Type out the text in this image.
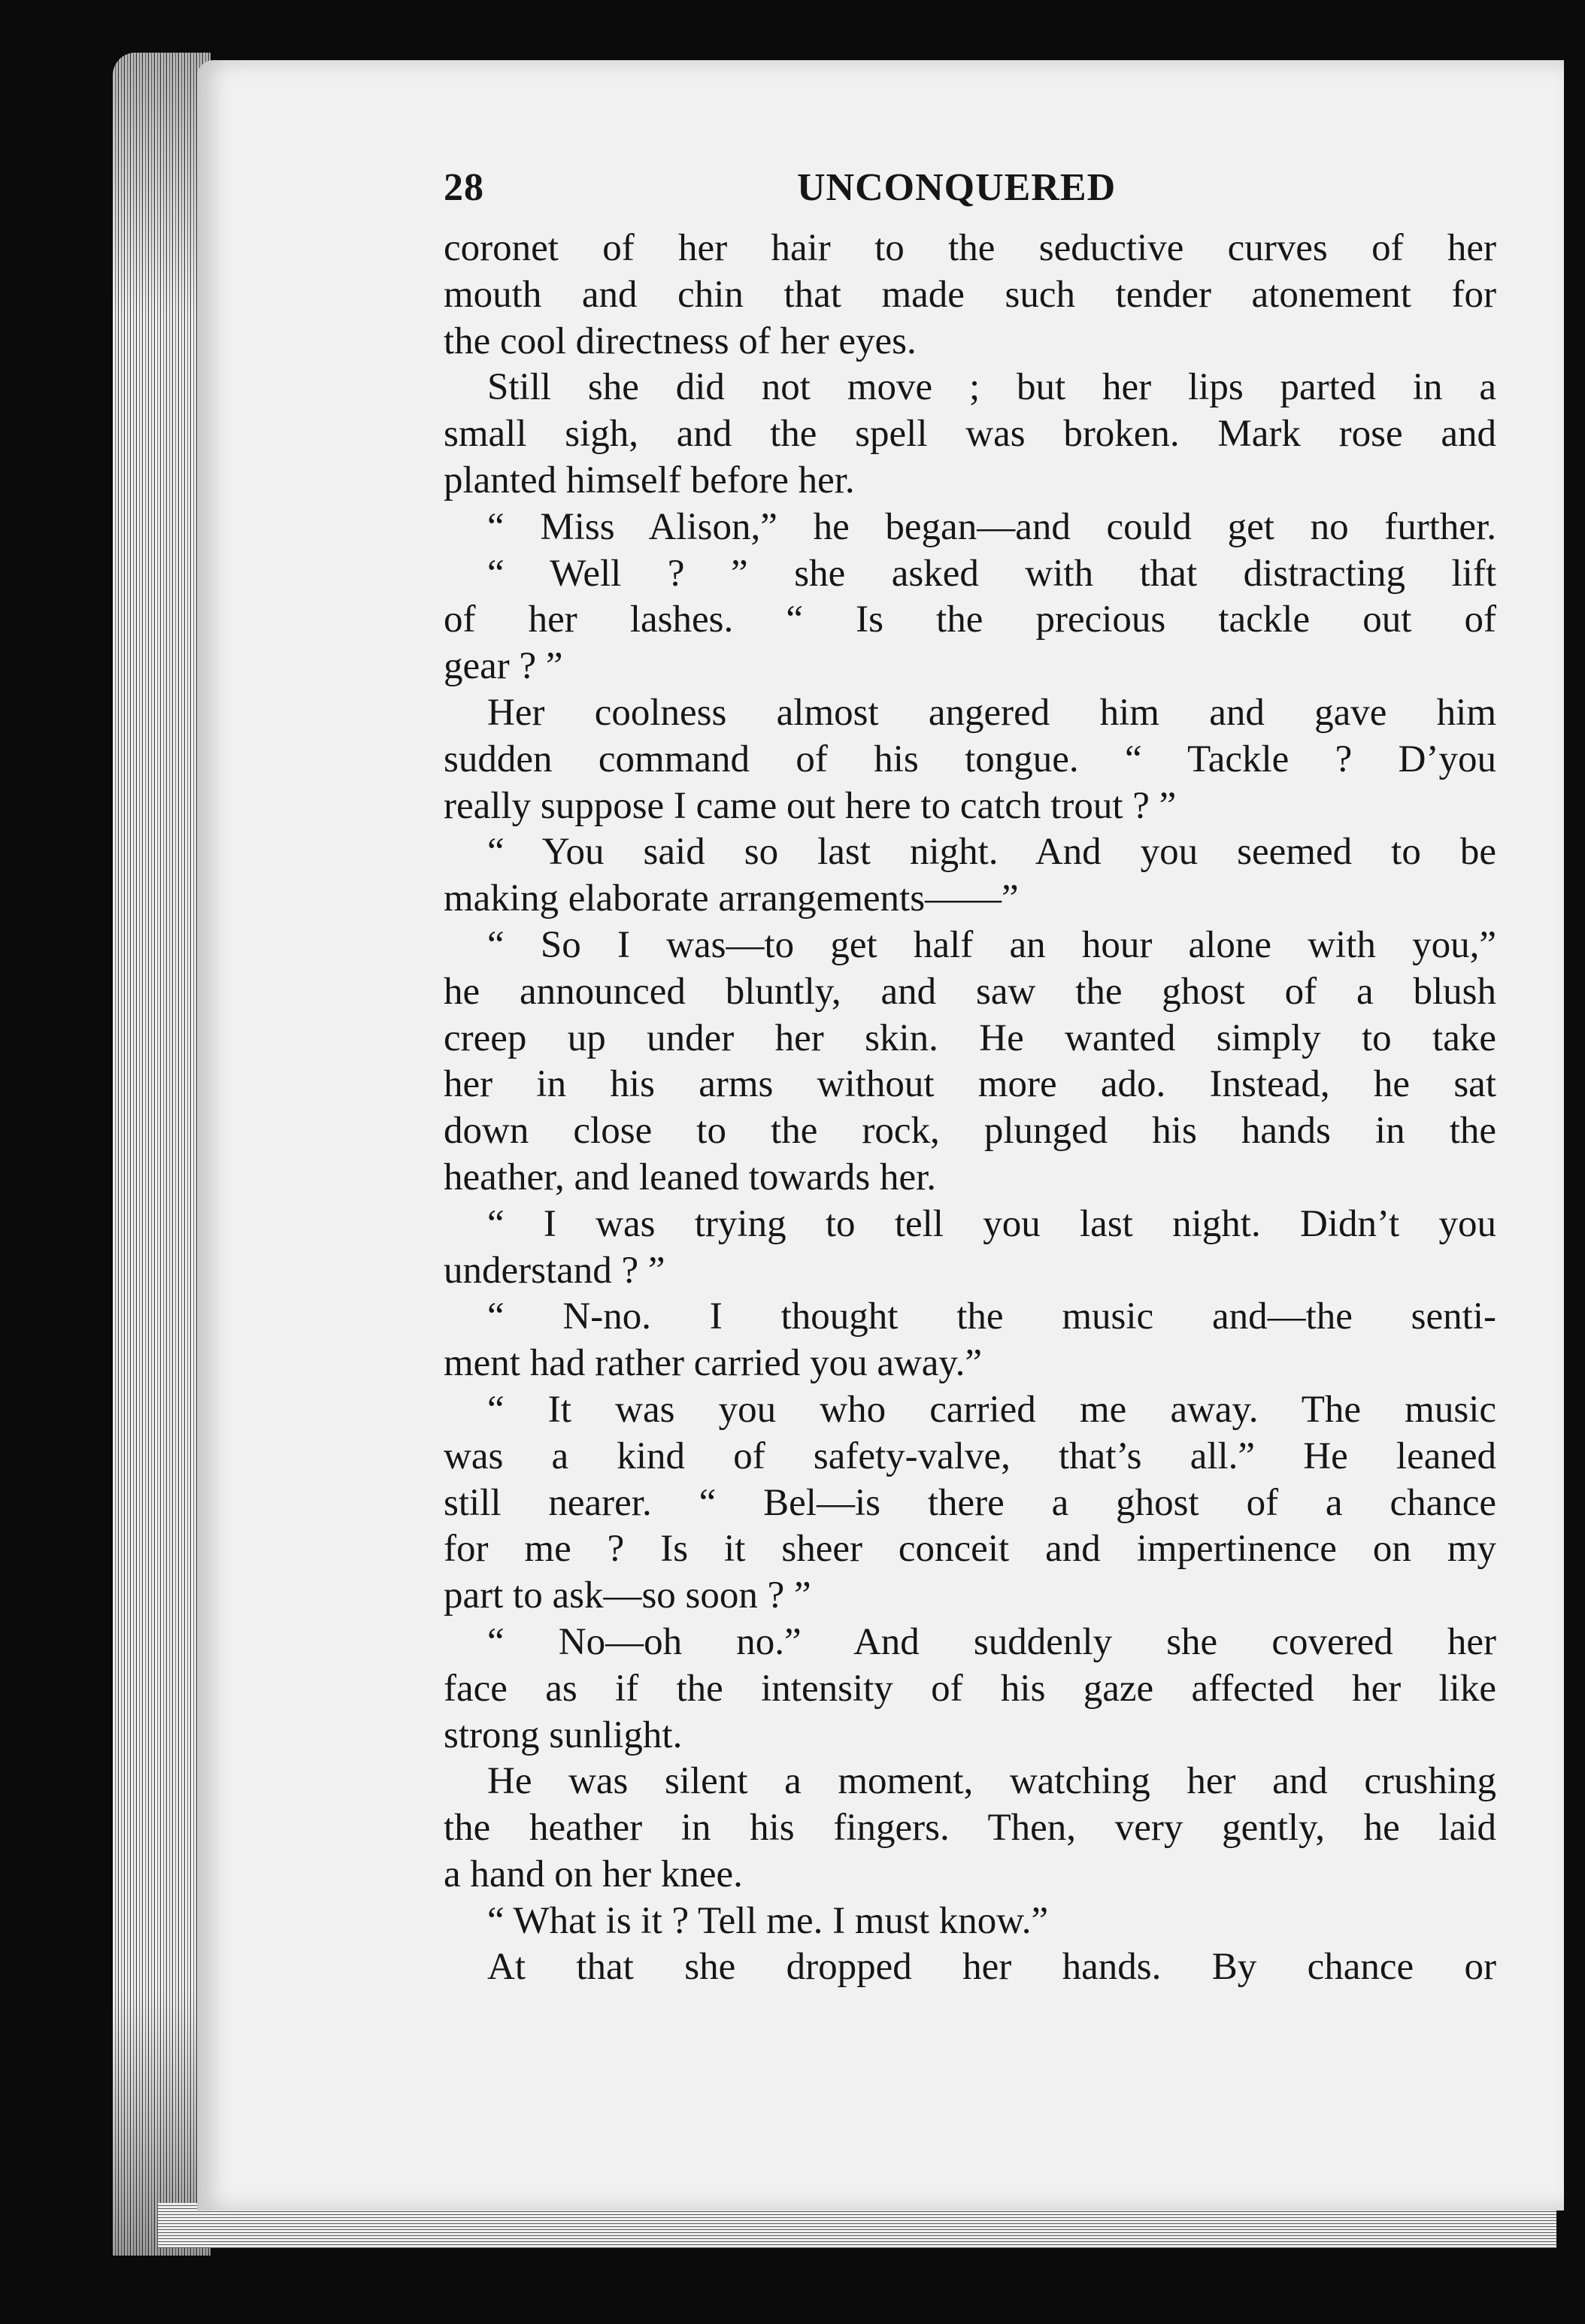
28	UNCONQUERED
coronet of her hair to the seductive curves of her
mouth and chin that made such tender atonement for
the cool directness of her eyes.
Still she did not move ; but her lips parted in a
small sigh, and the spell was broken. Mark rose and
planted himself before her.
“ Miss Alison,” he began—and could get no further.
“ Well ? ” she asked with that distracting lift
of her lashes. “ Is the precious tackle out of
gear ? ”
Her coolness almost angered him and gave him
sudden command of his tongue. “ Tackle ? D’you
really suppose I came out here to catch trout ? ”
“ You said so last night. And you seemed to be
making elaborate arrangements——”
“ So I was—to get half an hour alone with you,”
he announced bluntly, and saw the ghost of a blush
creep up under her skin. He wanted simply to take
her in his arms without more ado. Instead, he sat
down close to the rock, plunged his hands in the
heather, and leaned towards her.
“ I was trying to tell you last night. Didn’t you
understand ? ”
“ N-no. I thought the music and—the senti-
ment had rather carried you away.”
“ It was you who carried me away. The music
was a kind of safety-valve, that’s all.” He leaned
still nearer. “ Bel—is there a ghost of a chance
for me ? Is it sheer conceit and impertinence on my
part to ask—so soon ? ”
“ No—oh no.” And suddenly she covered her
face as if the intensity of his gaze affected her like
strong sunlight.
He was silent a moment, watching her and crushing
the heather in his fingers. Then, very gently, he laid
a hand on her knee.
“ What is it ? Tell me. I must know.”
At that she dropped her hands. By chance or
